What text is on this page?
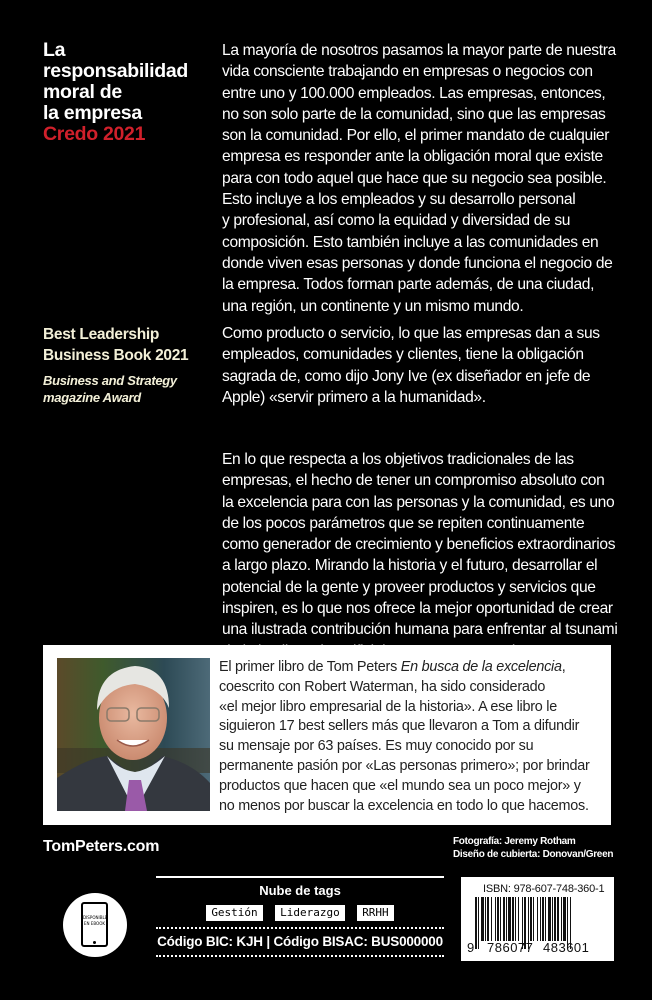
La
responsabilidad
moral de
la empresa
Credo 2021
La mayoría de nosotros pasamos la mayor parte de nuestra
vida consciente trabajando en empresas o negocios con
entre uno y 100.000 empleados. Las empresas, entonces,
no son solo parte de la comunidad, sino que las empresas
son la comunidad. Por ello, el primer mandato de cualquier
empresa es responder ante la obligación moral que existe
para con todo aquel que hace que su negocio sea posible.
Esto incluye a los empleados y su desarrollo personal
y profesional, así como la equidad y diversidad de su
composición. Esto también incluye a las comunidades en
donde viven esas personas y donde funciona el negocio de
la empresa. Todos forman parte además, de una ciudad,
una región, un continente y un mismo mundo.
Best Leadership
Business Book 2021
Business and Strategy
magazine Award
Como producto o servicio, lo que las empresas dan a sus
empleados, comunidades y clientes, tiene la obligación
sagrada de, como dijo Jony Ive (ex diseñador en jefe de
Apple) «servir primero a la humanidad».
En lo que respecta a los objetivos tradicionales de las
empresas, el hecho de tener un compromiso absoluto con
la excelencia para con las personas y la comunidad, es uno
de los pocos parámetros que se repiten continuamente
como generador de crecimiento y beneficios extraordinarios
a largo plazo. Mirando la historia y el futuro, desarrollar el
potencial de la gente y proveer productos y servicios que
inspiren, es lo que nos ofrece la mejor oportunidad de crear
una ilustrada contribución humana para enfrentar al tsunami
El primer libro de Tom Peters En busca de la excelencia,
coescrito con Robert Waterman, ha sido considerado
«el mejor libro empresarial de la historia». A ese libro le
siguieron 17 best sellers más que llevaron a Tom a difundir
su mensaje por 63 países. Es muy conocido por su
permanente pasión por «Las personas primero»; por brindar
productos que hacen que «el mundo sea un poco mejor» y
no menos por buscar la excelencia en todo lo que hacemos.
TomPeters.com	Fotografía: Jeremy Rotham
Diseño de cubierta: Donovan/Green
DISPONIBLE
EN EBOOK
Nube de tags
Gestión Liderazgo RRHH
Código BIC: KJH | Código BISAC: BUS000000
ISBN: 978-607-748-360-1
9 786077 483601
